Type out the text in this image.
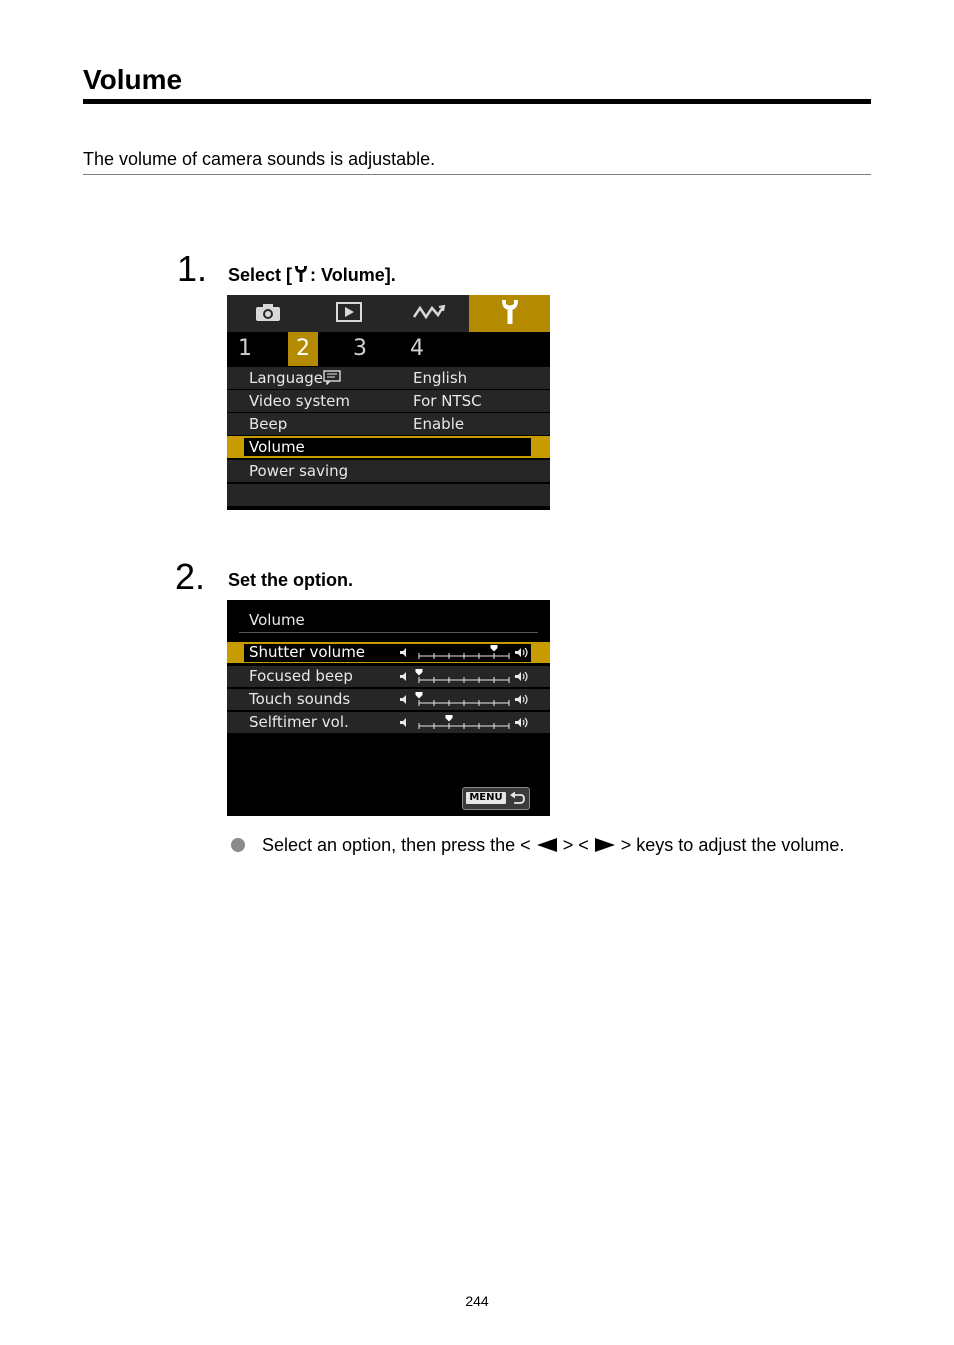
Volume
The volume of camera sounds is adjustable.
1. Select [ : Volume].
1	2	3	4
Language	English
Video system	For NTSC
Beep	Enable
Volume
Power saving
2. Set the option.
Volume
Shutter volume
Focused beep
Touch sounds
Selftimer vol.
MENU
Select an option, then press the < > < > keys to adjust the volume.
244
